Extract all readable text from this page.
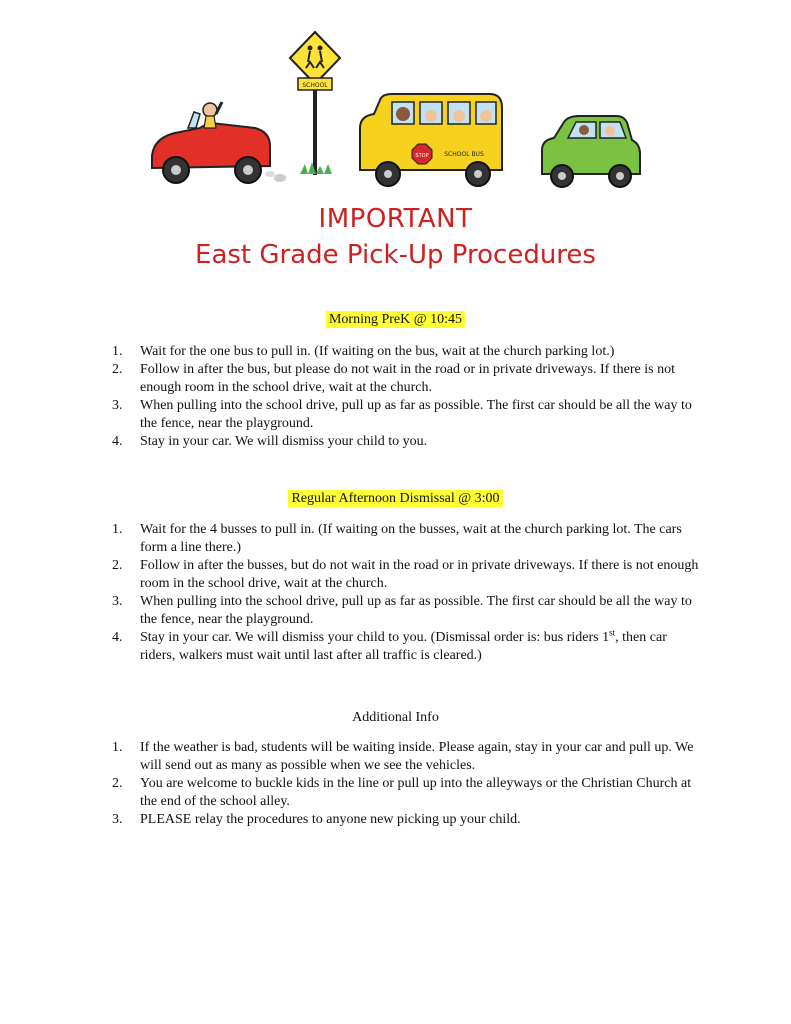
SCHOOL
STOP	SCHOOL BUS
IMPORTANT
East Grade Pick-Up Procedures
Morning PreK @ 10:45
1. Wait for the one bus to pull in. (If waiting on the bus, wait at the church parking lot.)
2. Follow in after the bus, but please do not wait in the road or in private driveways. If there is not enough room in the school drive, wait at the church.
3. When pulling into the school drive, pull up as far as possible. The first car should be all the way to the fence, near the playground.
4. Stay in your car. We will dismiss your child to you.
Regular Afternoon Dismissal @ 3:00
1. Wait for the 4 busses to pull in. (If waiting on the busses, wait at the church parking lot. The cars form a line there.)
2. Follow in after the busses, but do not wait in the road or in private driveways. If there is not enough room in the school drive, wait at the church.
3. When pulling into the school drive, pull up as far as possible. The first car should be all the way to the fence, near the playground.
4. Stay in your car. We will dismiss your child to you. (Dismissal order is: bus riders 1st, then car riders, walkers must wait until last after all traffic is cleared.)
Additional Info
1. If the weather is bad, students will be waiting inside. Please again, stay in your car and pull up. We will send out as many as possible when we see the vehicles.
2. You are welcome to buckle kids in the line or pull up into the alleyways or the Christian Church at the end of the school alley.
3. PLEASE relay the procedures to anyone new picking up your child.
